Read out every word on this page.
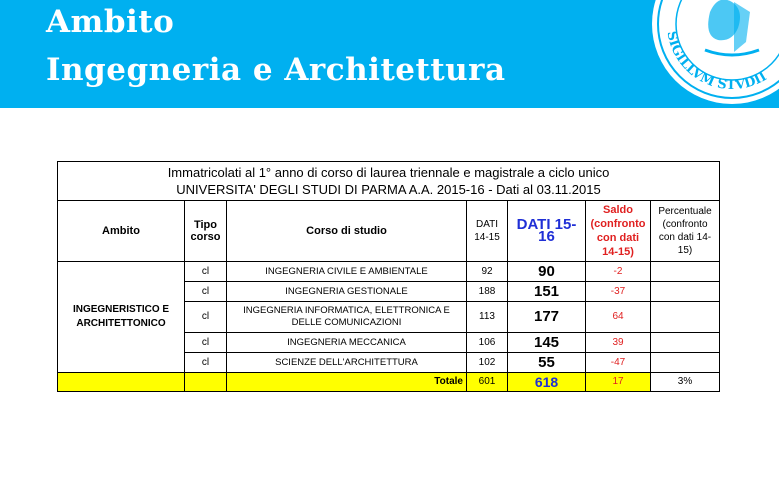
Ambito
Ingegneria e Architettura
SIGILLVM STVDII
Immatricolati al 1° anno di corso di laurea triennale e magistrale a ciclo unico
UNIVERSITA' DEGLI STUDI DI PARMA A.A. 2015-16 - Dati al 03.11.2015						

Ambito	Tipo corso	Corso di studio	DATI 14-15	DATI 15-16	Saldo (confronto con dati 14-15)	Percentuale (confronto con dati 14-15)
INGEGNERISTICO E ARCHITETTONICO	cl	INGEGNERIA CIVILE E AMBIENTALE	92	90	-2	
	cl	INGEGNERIA GESTIONALE	188	151	-37	
	cl	INGEGNERIA INFORMATICA, ELETTRONICA E DELLE COMUNICAZIONI	113	177	64	
	cl	INGEGNERIA MECCANICA	106	145	39	
	cl	SCIENZE DELL'ARCHITETTURA	102	55	-47	
		Totale	601	618	17	3%
